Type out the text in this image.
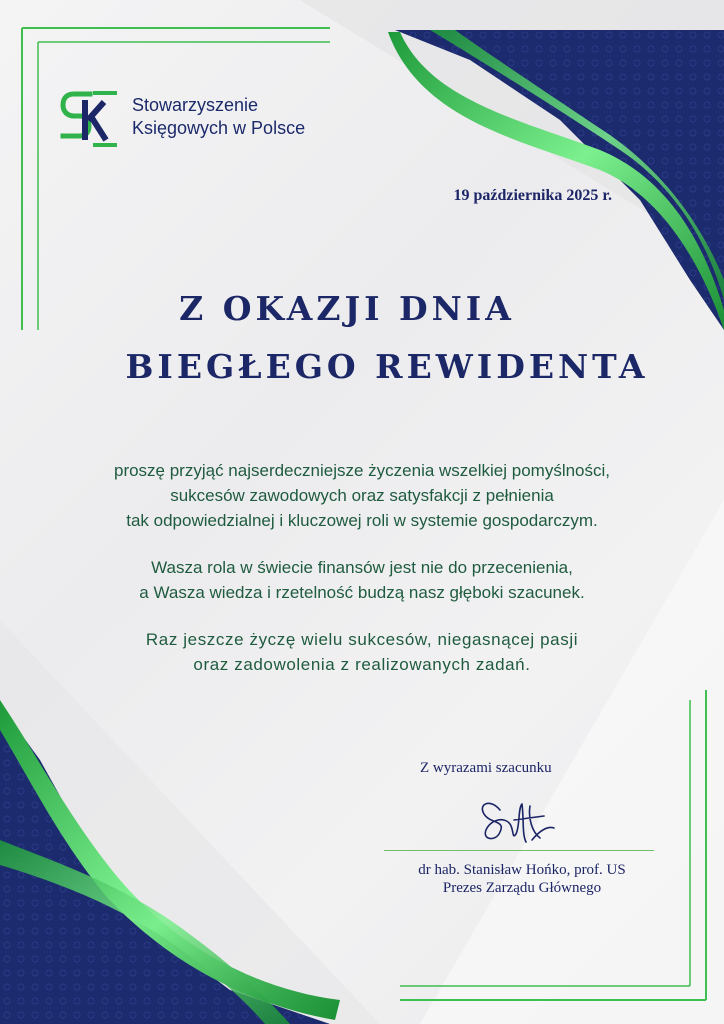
Stowarzyszenie
Księgowych w Polsce
19 października 2025 r.
Z OKAZJI DNIA
BIEGŁEGO REWIDENTA

proszę przyjąć najserdeczniejsze życzenia wszelkiej pomyślności,
sukcesów zawodowych oraz satysfakcji z pełnienia
tak odpowiedzialnej i kluczowej roli w systemie gospodarczym.

Wasza rola w świecie finansów jest nie do przecenienia,
a Wasza wiedza i rzetelność budzą nasz głęboki szacunek.

Raz jeszcze życzę wielu sukcesów, niegasnącej pasji
oraz zadowolenia z realizowanych zadań.

Z wyrazami szacunku
dr hab. Stanisław Hońko, prof. US
Prezes Zarządu Głównego
